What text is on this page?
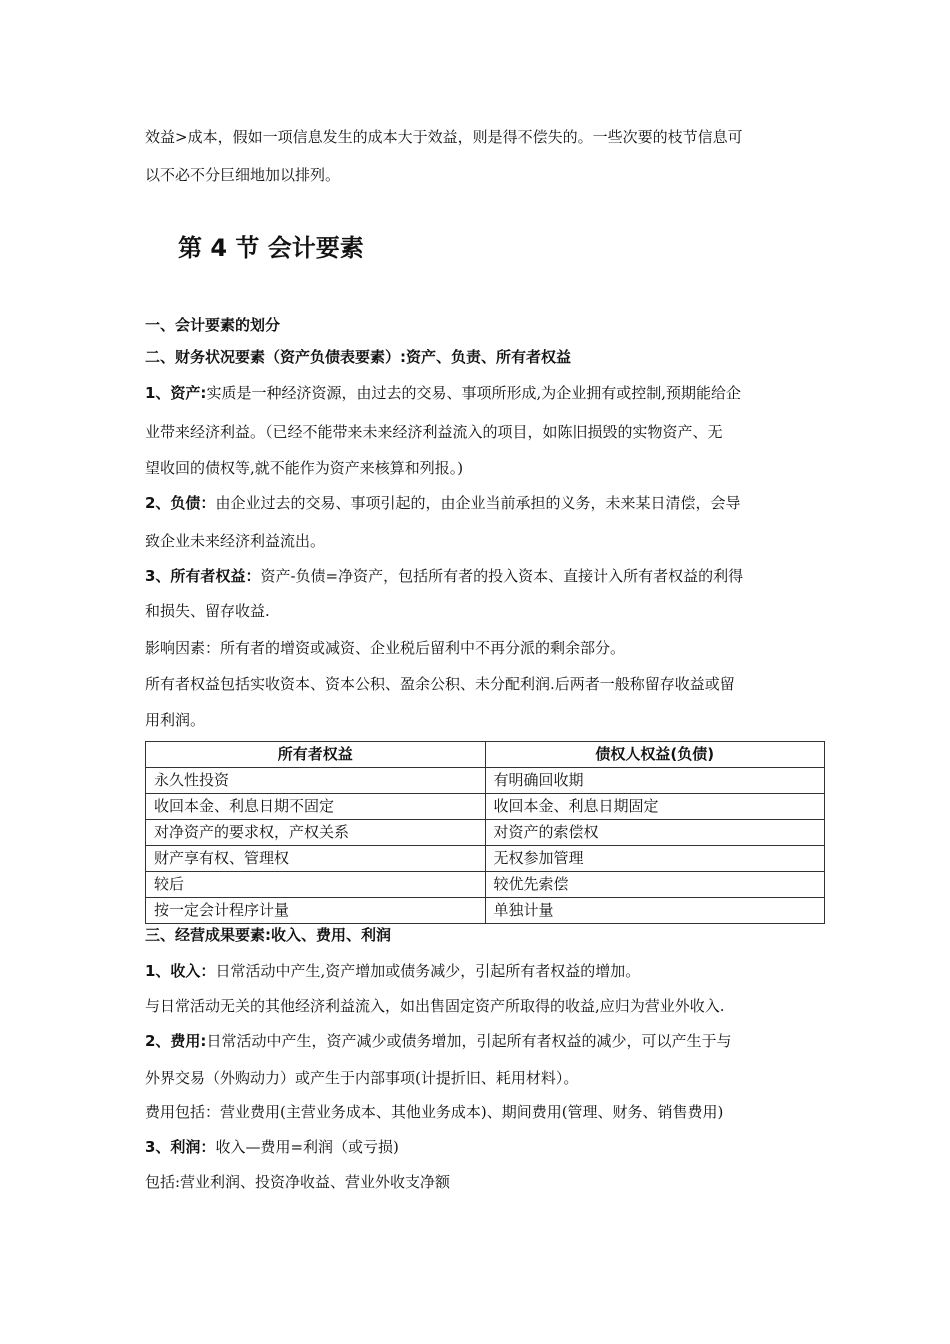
效益>成本，假如一项信息发生的成本大于效益，则是得不偿失的。一些次要的枝节信息可
以不必不分巨细地加以排列。
第 4 节 会计要素
一、会计要素的划分
二、财务状况要素（资产负债表要素）:资产、负责、所有者权益
1、资产:实质是一种经济资源，由过去的交易、事项所形成,为企业拥有或控制,预期能给企
业带来经济利益。（已经不能带来未来经济利益流入的项目，如陈旧损毁的实物资产、无
望收回的债权等,就不能作为资产来核算和列报。)
2、负债：由企业过去的交易、事项引起的，由企业当前承担的义务，未来某日清偿，会导
致企业未来经济利益流出。
3、所有者权益：资产-负债=净资产，包括所有者的投入资本、直接计入所有者权益的利得
和损失、留存收益.
影响因素：所有者的增资或减资、企业税后留利中不再分派的剩余部分。
所有者权益包括实收资本、资本公积、盈余公积、未分配利润.后两者一般称留存收益或留
用利润。
所有者权益	债权人权益(负债)
永久性投资	有明确回收期
收回本金、利息日期不固定	收回本金、利息日期固定
对净资产的要求权，产权关系	对资产的索偿权
财产享有权、管理权	无权参加管理
较后	较优先索偿
按一定会计程序计量	单独计量
三、经营成果要素:收入、费用、利润
1、收入：日常活动中产生,资产增加或债务减少，引起所有者权益的增加。
与日常活动无关的其他经济利益流入，如出售固定资产所取得的收益,应归为营业外收入.
2、费用:日常活动中产生，资产减少或债务增加，引起所有者权益的减少，可以产生于与
外界交易（外购动力）或产生于内部事项(计提折旧、耗用材料）。
费用包括：营业费用(主营业务成本、其他业务成本)、期间费用(管理、财务、销售费用)
3、利润：收入—费用=利润（或亏损)
包括:营业利润、投资净收益、营业外收支净额
